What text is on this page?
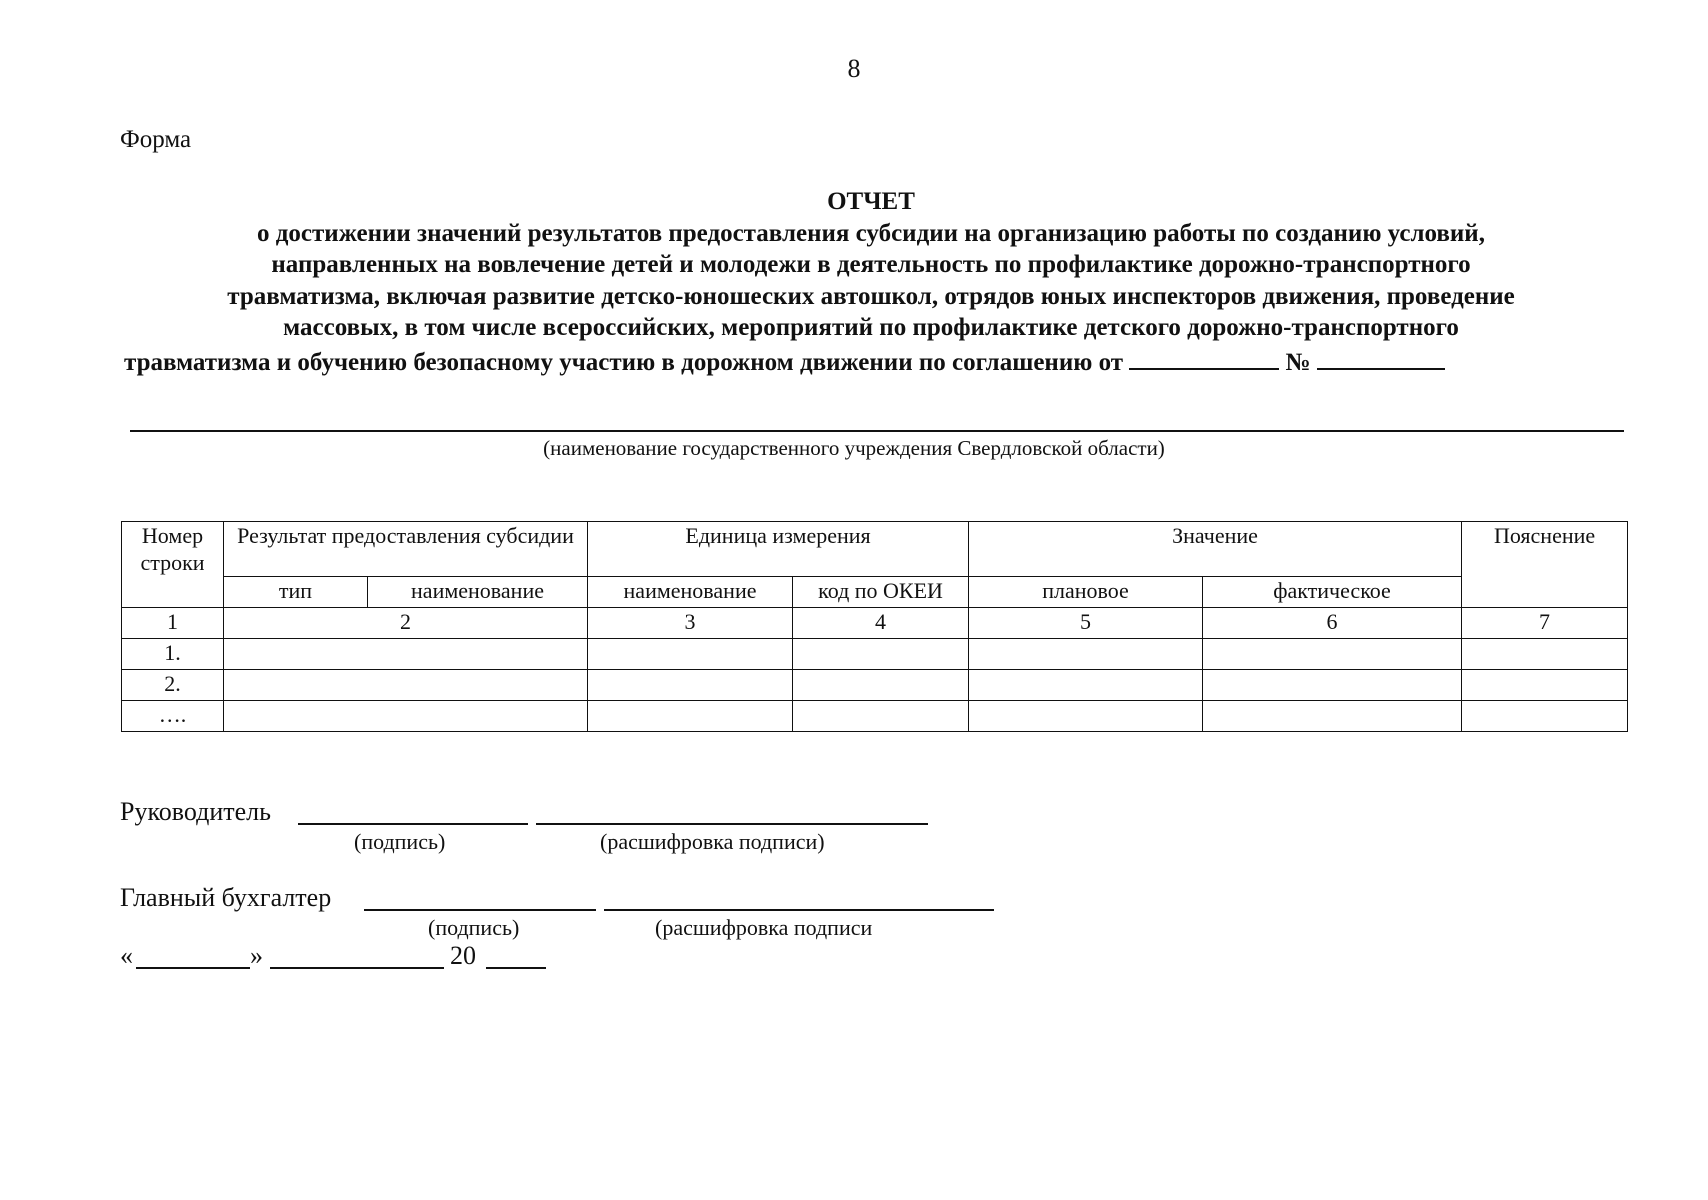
8
Форма
ОТЧЕТ
о достижении значений результатов предоставления субсидии на организацию работы по созданию условий,
направленных на вовлечение детей и молодежи в деятельность по профилактике дорожно-транспортного
травматизма, включая развитие детско-юношеских автошкол, отрядов юных инспекторов движения, проведение
массовых, в том числе всероссийских, мероприятий по профилактике детского дорожно-транспортного
травматизма и обучению безопасному участию в дорожном движении по соглашению от	№
(наименование государственного учреждения Свердловской области)
Номер строки	Результат предоставления субсидии		Единица измерения		Значение		Пояснение
	тип	наименование	наименование	код по ОКЕИ	плановое	фактическое	
1	2		3	4	5	6	7
1.							
2.							
….							
Руководитель
(подпись)	(расшифровка подписи)
Главный бухгалтер
(подпись)	(расшифровка подписи
«	»	20
